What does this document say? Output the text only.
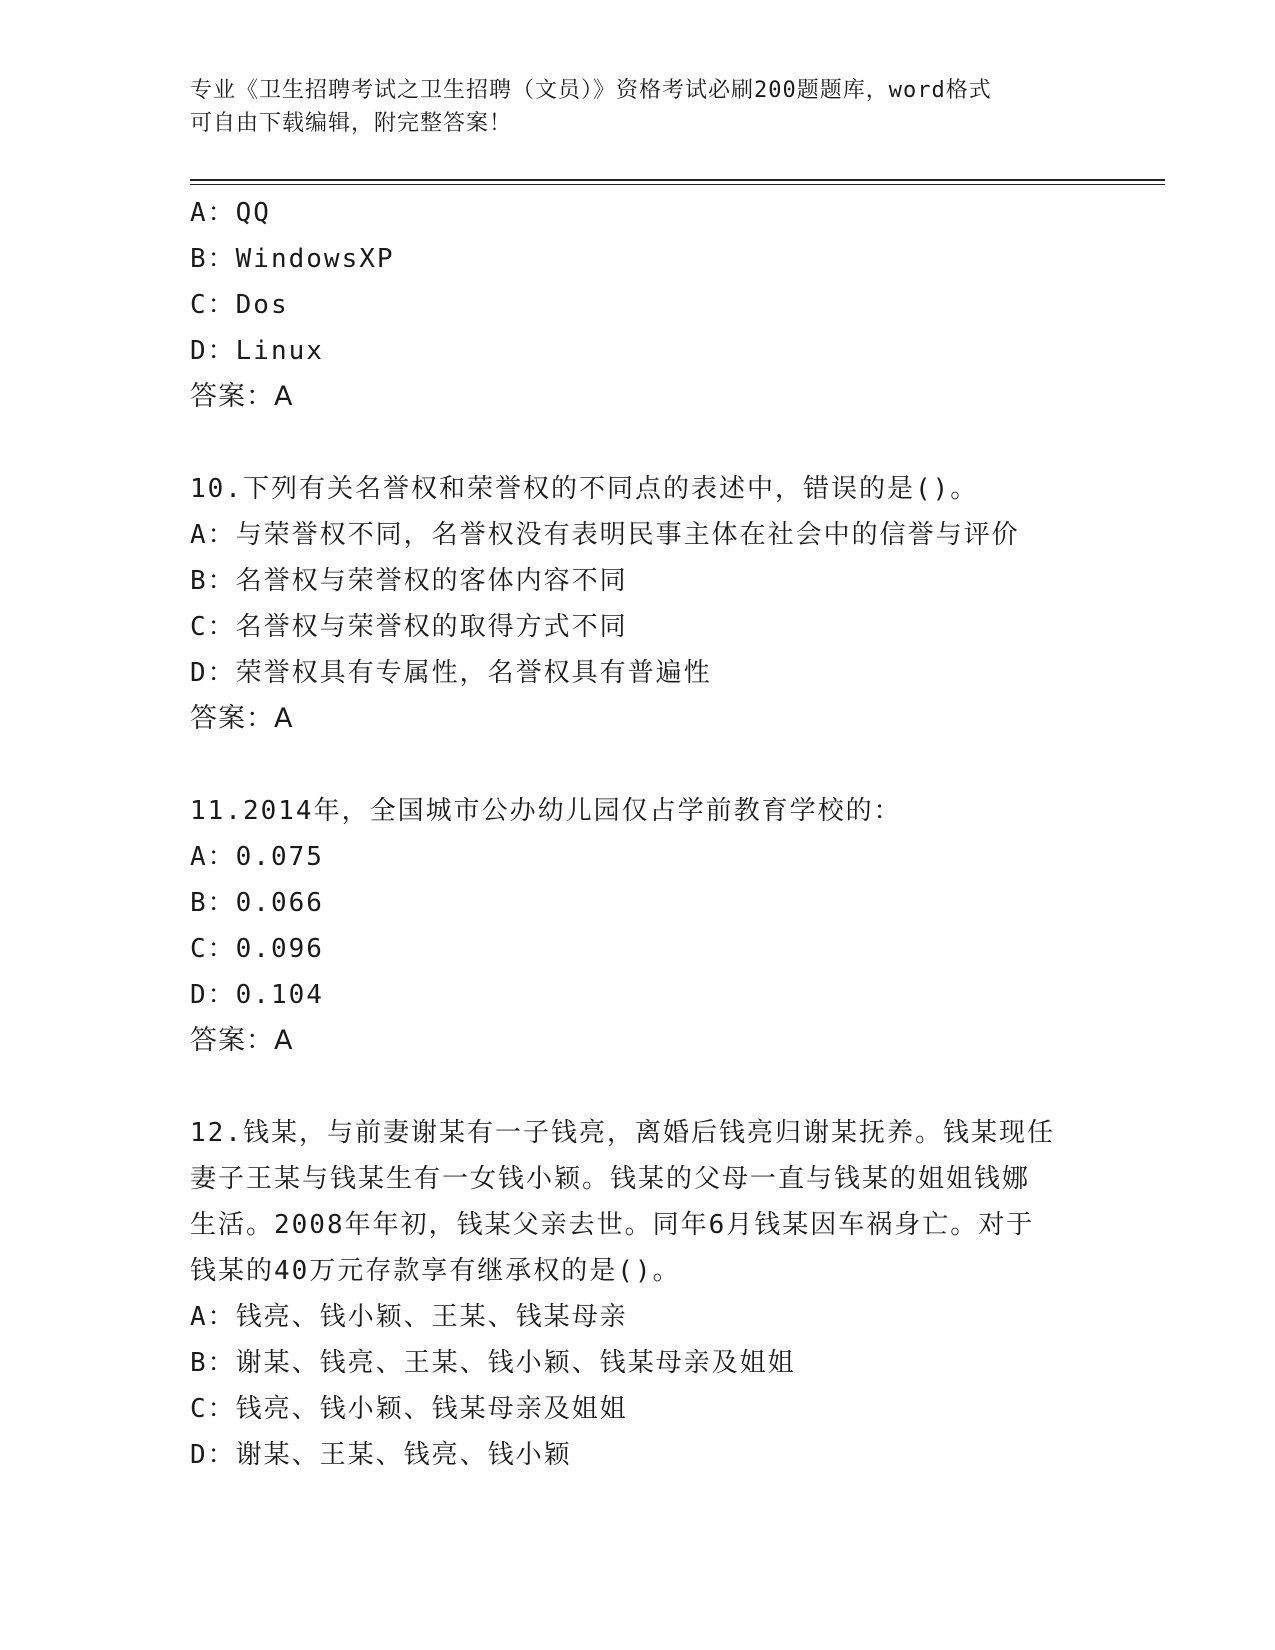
专业《卫生招聘考试之卫生招聘（文员）》资格考试必刷200题题库，word格式
可自由下载编辑，附完整答案！
A：QQ
B：WindowsXP
C：Dos
D：Linux
答案：A
10.下列有关名誉权和荣誉权的不同点的表述中，错误的是()。
A：与荣誉权不同，名誉权没有表明民事主体在社会中的信誉与评价
B：名誉权与荣誉权的客体内容不同
C：名誉权与荣誉权的取得方式不同
D：荣誉权具有专属性，名誉权具有普遍性
答案：A
11.2014年，全国城市公办幼儿园仅占学前教育学校的：
A：0.075
B：0.066
C：0.096
D：0.104
答案：A
12.钱某，与前妻谢某有一子钱亮，离婚后钱亮归谢某抚养。钱某现任
妻子王某与钱某生有一女钱小颖。钱某的父母一直与钱某的姐姐钱娜
生活。2008年年初，钱某父亲去世。同年6月钱某因车祸身亡。对于
钱某的40万元存款享有继承权的是()。
A：钱亮、钱小颖、王某、钱某母亲
B：谢某、钱亮、王某、钱小颖、钱某母亲及姐姐
C：钱亮、钱小颖、钱某母亲及姐姐
D：谢某、王某、钱亮、钱小颖
